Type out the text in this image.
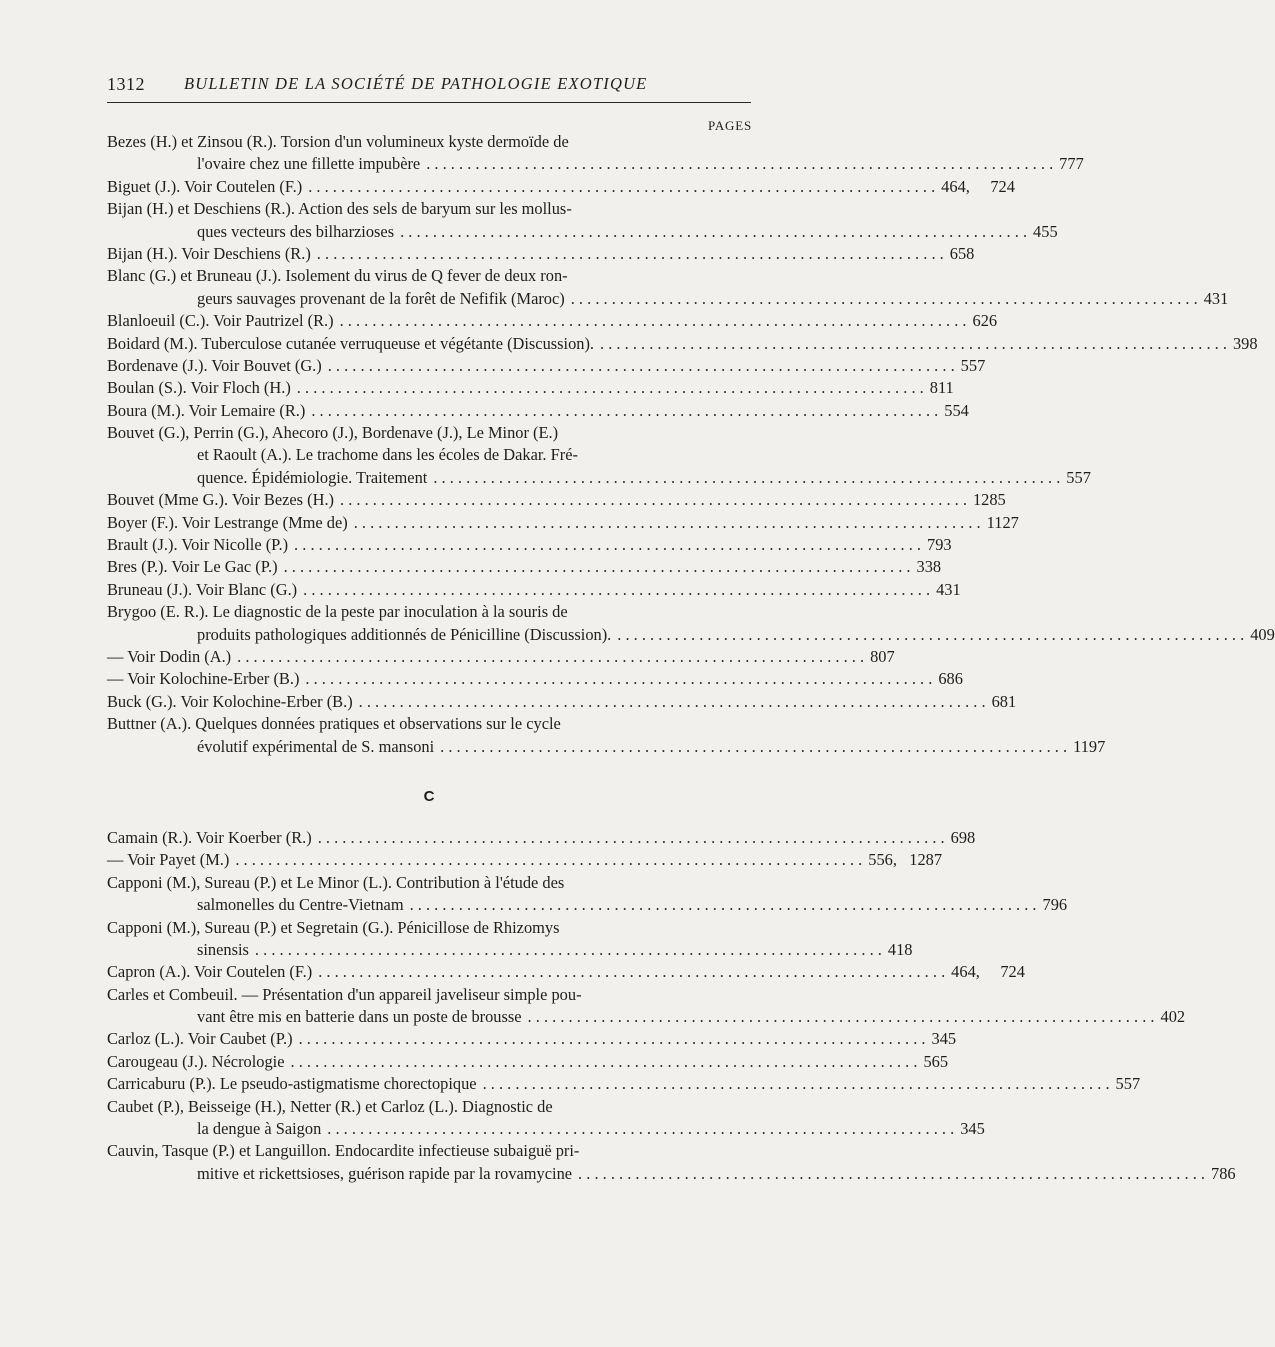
1312 BULLETIN DE LA SOCIÉTÉ DE PATHOLOGIE EXOTIQUE
PAGES
Bezes (H.) et Zinsou (R.). Torsion d'un volumineux kyste dermoïde de
l'ovaire chez une fillette impubère . . .	777
Biguet (J.). Voir Coutelen (F.) . . .	464,     724
Bijan (H.) et Deschiens (R.). Action des sels de baryum sur les mollus-
ques vecteurs des bilharzioses . . .	455
Bijan (H.). Voir Deschiens (R.) . . .	658
Blanc (G.) et Bruneau (J.). Isolement du virus de Q fever de deux ron-
geurs sauvages provenant de la forêt de Nefifik (Maroc) . . .	431
Blanloeuil (C.). Voir Pautrizel (R.) . . .	626
Boidard (M.). Tuberculose cutanée verruqueuse et végétante (Discussion). . . .	398
Bordenave (J.). Voir Bouvet (G.) . . .	557
Boulan (S.). Voir Floch (H.) . . .	811
Boura (M.). Voir Lemaire (R.) . . .	554
Bouvet (G.), Perrin (G.), Ahecoro (J.), Bordenave (J.), Le Minor (E.)
et Raoult (A.). Le trachome dans les écoles de Dakar. Fré-
quence. Épidémiologie. Traitement . . .	557
Bouvet (Mme G.). Voir Bezes (H.) . . .	1285
Boyer (F.). Voir Lestrange (Mme de) . . .	1127
Brault (J.). Voir Nicolle (P.) . . .	793
Bres (P.). Voir Le Gac (P.) . . .	338
Bruneau (J.). Voir Blanc (G.) . . .	431
Brygoo (E. R.). Le diagnostic de la peste par inoculation à la souris de
produits pathologiques additionnés de Pénicilline (Discussion). . . .	409
— Voir Dodin (A.) . . .	807
— Voir Kolochine-Erber (B.) . . .	686
Buck (G.). Voir Kolochine-Erber (B.) . . .	681
Buttner (A.). Quelques données pratiques et observations sur le cycle
évolutif expérimental de S. mansoni . . .	1197
C
Camain (R.). Voir Koerber (R.) . . .	698
— Voir Payet (M.) . . .	556,   1287
Capponi (M.), Sureau (P.) et Le Minor (L.). Contribution à l'étude des
salmonelles du Centre-Vietnam . . .	796
Capponi (M.), Sureau (P.) et Segretain (G.). Pénicillose de Rhizomys
sinensis . . .	418
Capron (A.). Voir Coutelen (F.) . . .	464,     724
Carles et Combeuil. — Présentation d'un appareil javeliseur simple pou-
vant être mis en batterie dans un poste de brousse . . .	402
Carloz (L.). Voir Caubet (P.) . . .	345
Carougeau (J.). Nécrologie . . .	565
Carricaburu (P.). Le pseudo-astigmatisme chorectopique . . .	557
Caubet (P.), Beisseige (H.), Netter (R.) et Carloz (L.). Diagnostic de
la dengue à Saigon . . .	345
Cauvin, Tasque (P.) et Languillon. Endocardite infectieuse subaiguë pri-
mitive et rickettsioses, guérison rapide par la rovamycine . . .	786
